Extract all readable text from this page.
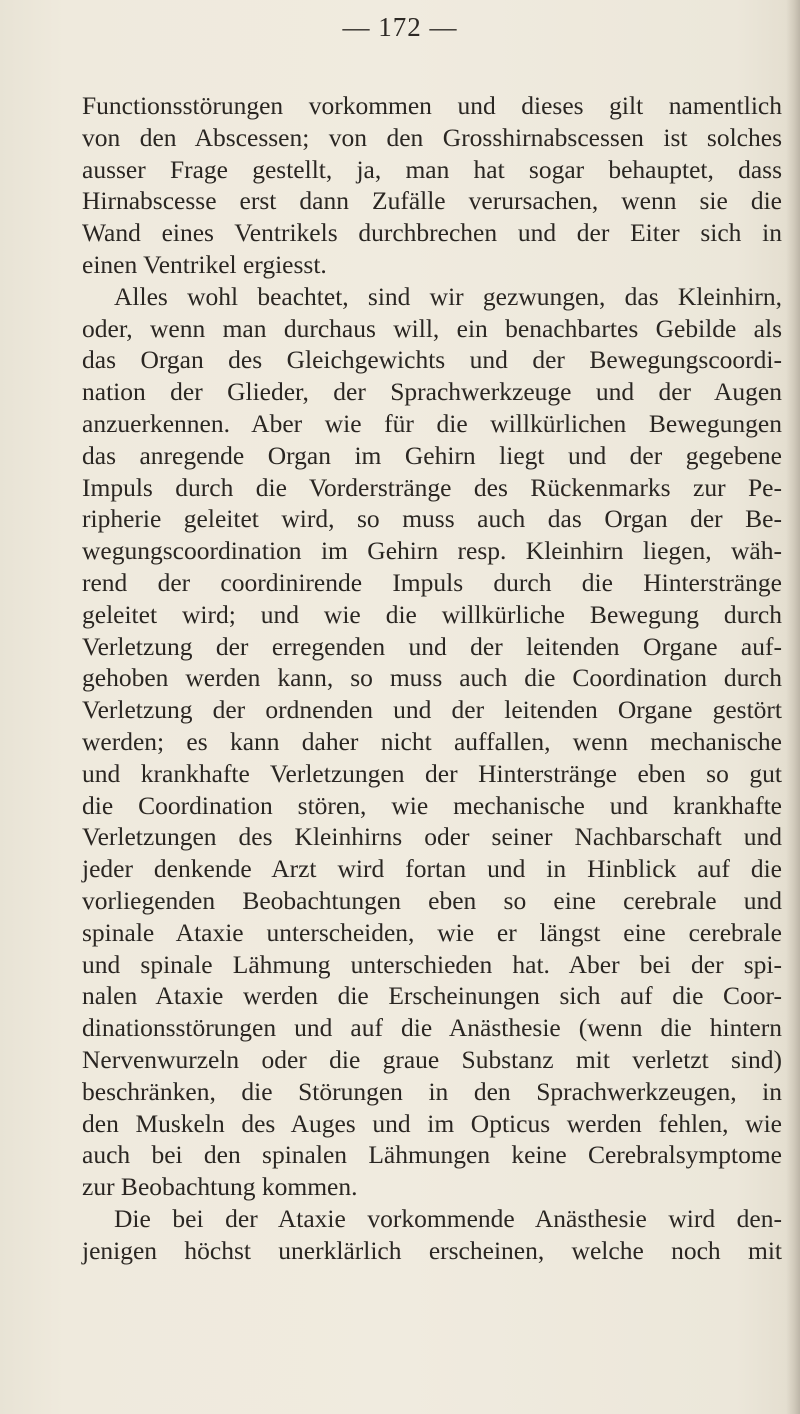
— 172 —
Functionsstörungen vorkommen und dieses gilt namentlich
von den Abscessen; von den Grosshirnabscessen ist solches
ausser Frage gestellt, ja, man hat sogar behauptet, dass
Hirnabscesse erst dann Zufälle verursachen, wenn sie die
Wand eines Ventrikels durchbrechen und der Eiter sich in
einen Ventrikel ergiesst.
Alles wohl beachtet, sind wir gezwungen, das Kleinhirn,
oder, wenn man durchaus will, ein benachbartes Gebilde als
das Organ des Gleichgewichts und der Bewegungscoordi-
nation der Glieder, der Sprachwerkzeuge und der Augen
anzuerkennen. Aber wie für die willkürlichen Bewegungen
das anregende Organ im Gehirn liegt und der gegebene
Impuls durch die Vorderstränge des Rückenmarks zur Pe-
ripherie geleitet wird, so muss auch das Organ der Be-
wegungscoordination im Gehirn resp. Kleinhirn liegen, wäh-
rend der coordinirende Impuls durch die Hinterstränge
geleitet wird; und wie die willkürliche Bewegung durch
Verletzung der erregenden und der leitenden Organe auf-
gehoben werden kann, so muss auch die Coordination durch
Verletzung der ordnenden und der leitenden Organe gestört
werden; es kann daher nicht auffallen, wenn mechanische
und krankhafte Verletzungen der Hinterstränge eben so gut
die Coordination stören, wie mechanische und krankhafte
Verletzungen des Kleinhirns oder seiner Nachbarschaft und
jeder denkende Arzt wird fortan und in Hinblick auf die
vorliegenden Beobachtungen eben so eine cerebrale und
spinale Ataxie unterscheiden, wie er längst eine cerebrale
und spinale Lähmung unterschieden hat. Aber bei der spi-
nalen Ataxie werden die Erscheinungen sich auf die Coor-
dinationsstörungen und auf die Anästhesie (wenn die hintern
Nervenwurzeln oder die graue Substanz mit verletzt sind)
beschränken, die Störungen in den Sprachwerkzeugen, in
den Muskeln des Auges und im Opticus werden fehlen, wie
auch bei den spinalen Lähmungen keine Cerebralsymptome
zur Beobachtung kommen.
Die bei der Ataxie vorkommende Anästhesie wird den-
jenigen höchst unerklärlich erscheinen, welche noch mit
